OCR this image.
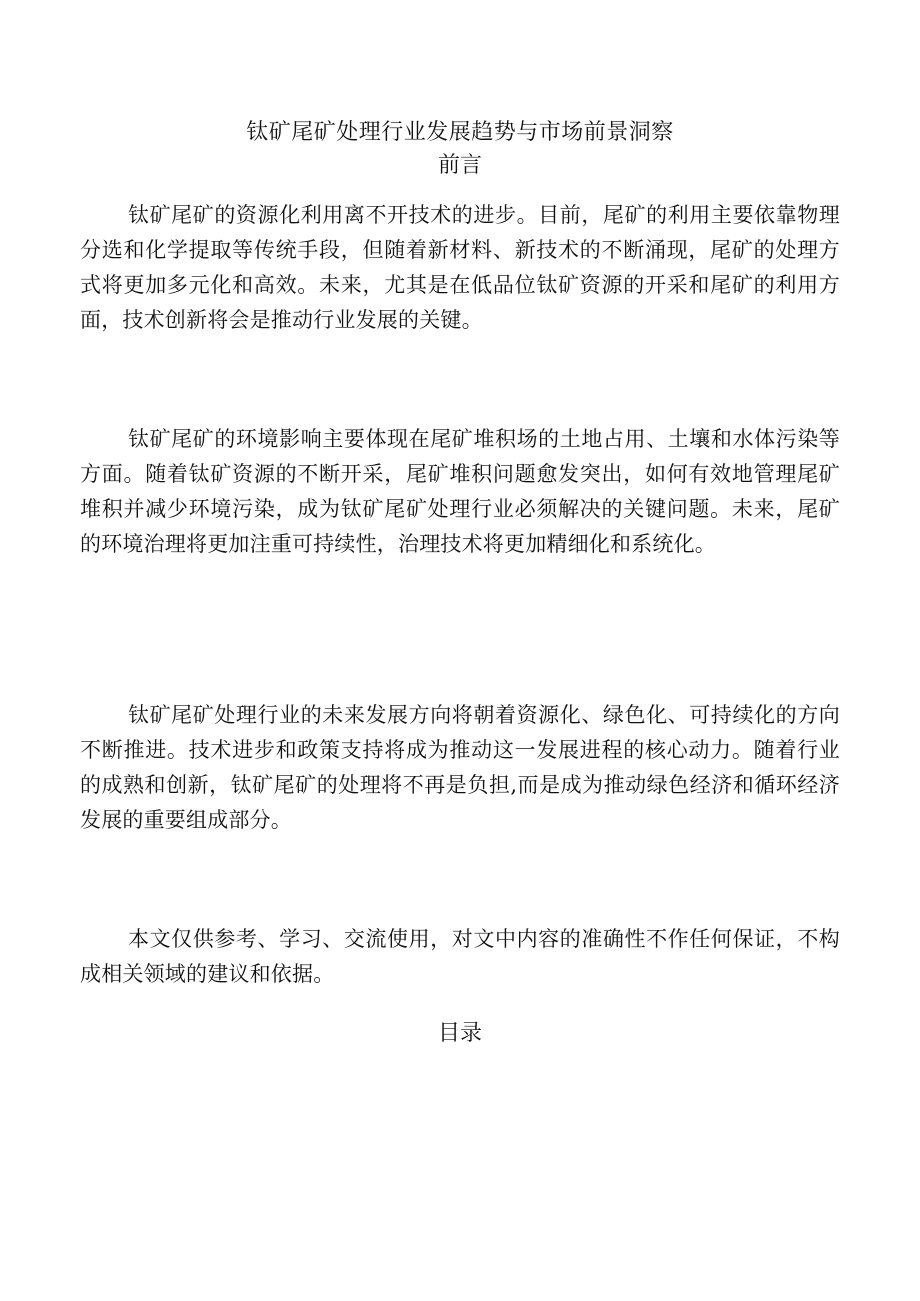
钛矿尾矿处理行业发展趋势与市场前景洞察
前言
钛矿尾矿的资源化利用离不开技术的进步。目前，尾矿的利用主要依靠物理分选和化学提取等传统手段，但随着新材料、新技术的不断涌现，尾矿的处理方式将更加多元化和高效。未来，尤其是在低品位钛矿资源的开采和尾矿的利用方面，技术创新将会是推动行业发展的关键。
钛矿尾矿的环境影响主要体现在尾矿堆积场的土地占用、土壤和水体污染等方面。随着钛矿资源的不断开采，尾矿堆积问题愈发突出，如何有效地管理尾矿堆积并减少环境污染，成为钛矿尾矿处理行业必须解决的关键问题。未来，尾矿的环境治理将更加注重可持续性，治理技术将更加精细化和系统化。
钛矿尾矿处理行业的未来发展方向将朝着资源化、绿色化、可持续化的方向不断推进。技术进步和政策支持将成为推动这一发展进程的核心动力。随着行业的成熟和创新，钛矿尾矿的处理将不再是负担,而是成为推动绿色经济和循环经济发展的重要组成部分。
本文仅供参考、学习、交流使用，对文中内容的准确性不作任何保证，不构成相关领域的建议和依据。
目录
